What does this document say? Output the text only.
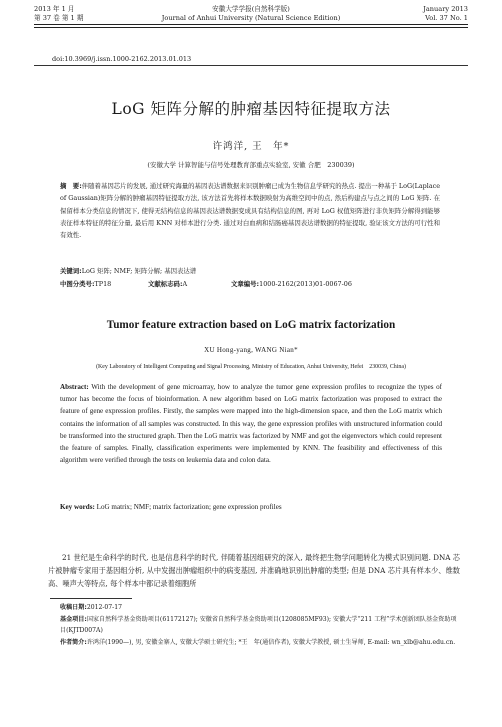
2013 年 1 月
第 37 卷 第 1 期
安徽大学学报(自然科学版)
Journal of Anhui University (Natural Science Edition)
January 2013
Vol. 37 No. 1
doi:10.3969/j.issn.1000-2162.2013.01.013
LoG 矩阵分解的肿瘤基因特征提取方法
许鸿洋, 王　年*
(安徽大学 计算智能与信号处理教育部重点实验室, 安徽 合肥　230039)
摘　要:伴随着基因芯片的发展, 通过研究海量的基因表达谱数据来识别肿瘤已成为生物信息学研究的热点. 提出一种基于 LoG(Laplace of Gaussian)矩阵分解的肿瘤基因特征提取方法, 该方法首先将样本数据映射为高维空间中的点, 然后构建点与点之间的 LoG 矩阵. 在保留样本分类信息的情况下, 使得无结构信息的基因表达谱数据变成具有结构信息的图, 再对 LoG 权值矩阵进行非负矩阵分解得到能够表征样本特征的特征分量, 最后用 KNN 对样本进行分类. 通过对白血病和结肠癌基因表达谱数据的特征提取, 验证该文方法的可行性和有效性.
关键词:LoG 矩阵; NMF; 矩阵分解; 基因表达谱
中图分类号:TP18	文献标志码:A	文章编号:1000-2162(2013)01-0067-06
Tumor feature extraction based on LoG matrix factorization
XU Hong-yang, WANG Nian*
(Key Laboratory of Intelligent Computing and Signal Processing, Ministry of Education, Anhui University, Hefei　230039, China)
Abstract: With the development of gene microarray, how to analyze the tumor gene expression profiles to recognize the types of tumor has become the focus of bioinformation. A new algorithm based on LoG matrix factorization was proposed to extract the feature of gene expression profiles. Firstly, the samples were mapped into the high-dimension space, and then the LoG matrix which contains the information of all samples was constructed. In this way, the gene expression profiles with unstructured information could be transformed into the structured graph. Then the LoG matrix was factorized by NMF and got the eigenvectors which could represent the feature of samples. Finally, classification experiments were implemented by KNN. The feasibility and effectiveness of this algorithm were verified through the tests on leukemia data and colon data.
Key words: LoG matrix; NMF; matrix factorization; gene expression profiles
21 世纪是生命科学的时代, 也是信息科学的时代, 伴随着基因组研究的深入, 最终把生物学问题转化为模式识别问题. DNA 芯片被肿瘤专家用于基因组分析, 从中发掘出肿瘤组织中的病变基因, 并准确地识别出肿瘤的类型; 但是 DNA 芯片具有样本少、维数高、噪声大等特点, 每个样本中都记录着细胞所
收稿日期:2012-07-17
基金项目:国家自然科学基金资助项目(61172127); 安徽省自然科学基金资助项目(1208085MF93); 安徽大学“211 工程”学术创新团队基金资助项目(KJTD007A)
作者简介:许鸿洋(1990—), 男, 安徽金寨人, 安徽大学硕士研究生; *王　年(通信作者), 安徽大学教授, 硕士生导师, E-mail: wn_xlb@ahu.edu.cn.
